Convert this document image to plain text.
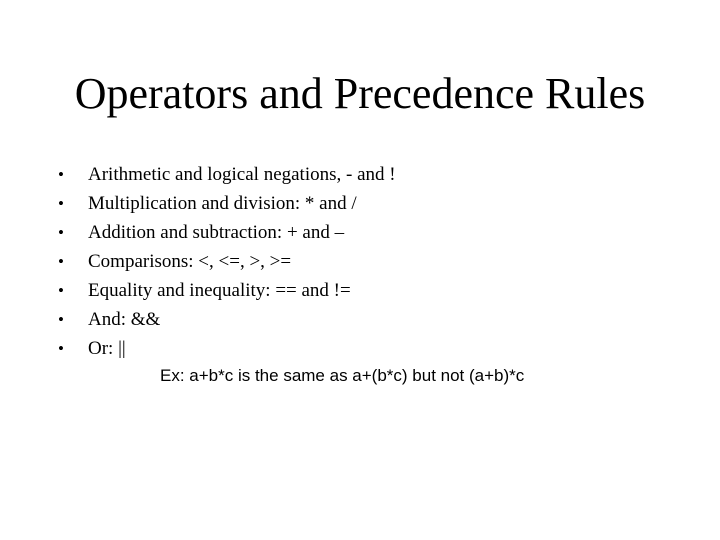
Operators and Precedence Rules
•	Arithmetic and logical negations, - and !
•	Multiplication and division: * and /
•	Addition and subtraction: + and –
•	Comparisons: <, <=, >, >=
•	Equality and inequality: == and !=
•	And: &&
•	Or: ||
Ex: a+b*c is the same as a+(b*c) but not (a+b)*c
